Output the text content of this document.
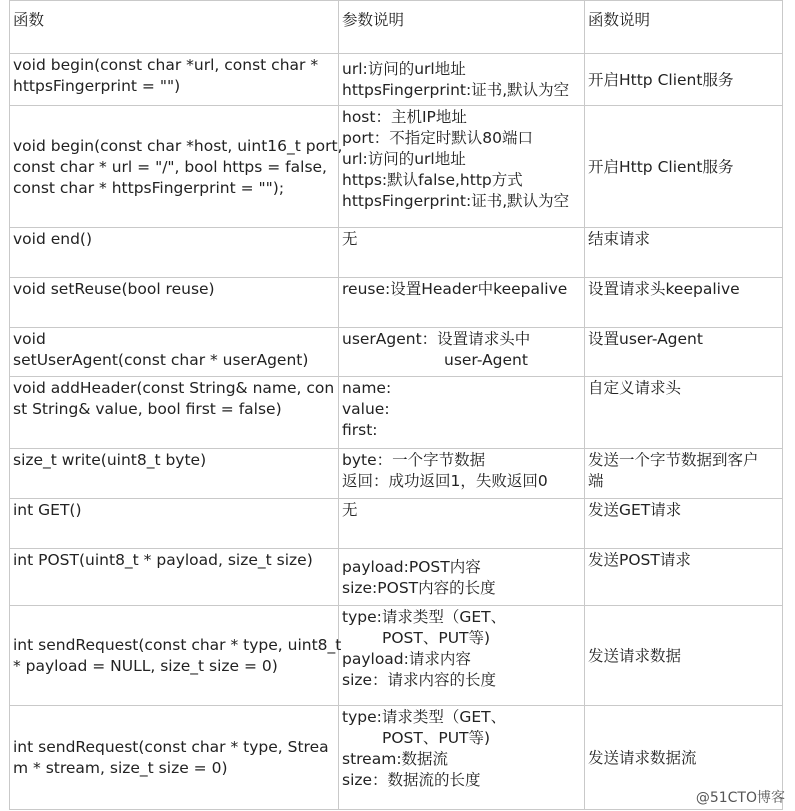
函数	参数说明	函数说明

void begin(const char *url, const char *
httpsFingerprint = "")	url:访问的url地址
httpsFingerprint:证书,默认为空	开启Http Client服务

void begin(const char *host, uint16_t port,
const char * url = "/", bool https = false,
const char * httpsFingerprint = "");	host：主机IP地址
port：不指定时默认80端口
url:访问的url地址
https:默认false,http方式
httpsFingerprint:证书,默认为空	开启Http Client服务

void end()	无	结束请求

void setReuse(bool reuse)	reuse:设置Header中keepalive	设置请求头keepalive

void
setUserAgent(const char * userAgent)	userAgent：设置请求头中
user-Agent	设置user-Agent

void addHeader(const String& name, con
st String& value, bool first = false)	name:
value:
first:	自定义请求头

size_t write(uint8_t byte)	byte：一个字节数据
返回：成功返回1，失败返回0	发送一个字节数据到客户
端

int GET()	无	发送GET请求

int POST(uint8_t * payload, size_t size)	payload:POST内容
size:POST内容的长度	发送POST请求

int sendRequest(const char * type, uint8_t
* payload = NULL, size_t size = 0)	type:请求类型（GET、
POST、PUT等)
payload:请求内容
size：请求内容的长度	发送请求数据

int sendRequest(const char * type, Strea
m * stream, size_t size = 0)	type:请求类型（GET、
POST、PUT等)
stream:数据流
size：数据流的长度	发送请求数据流
@51CTO博客
